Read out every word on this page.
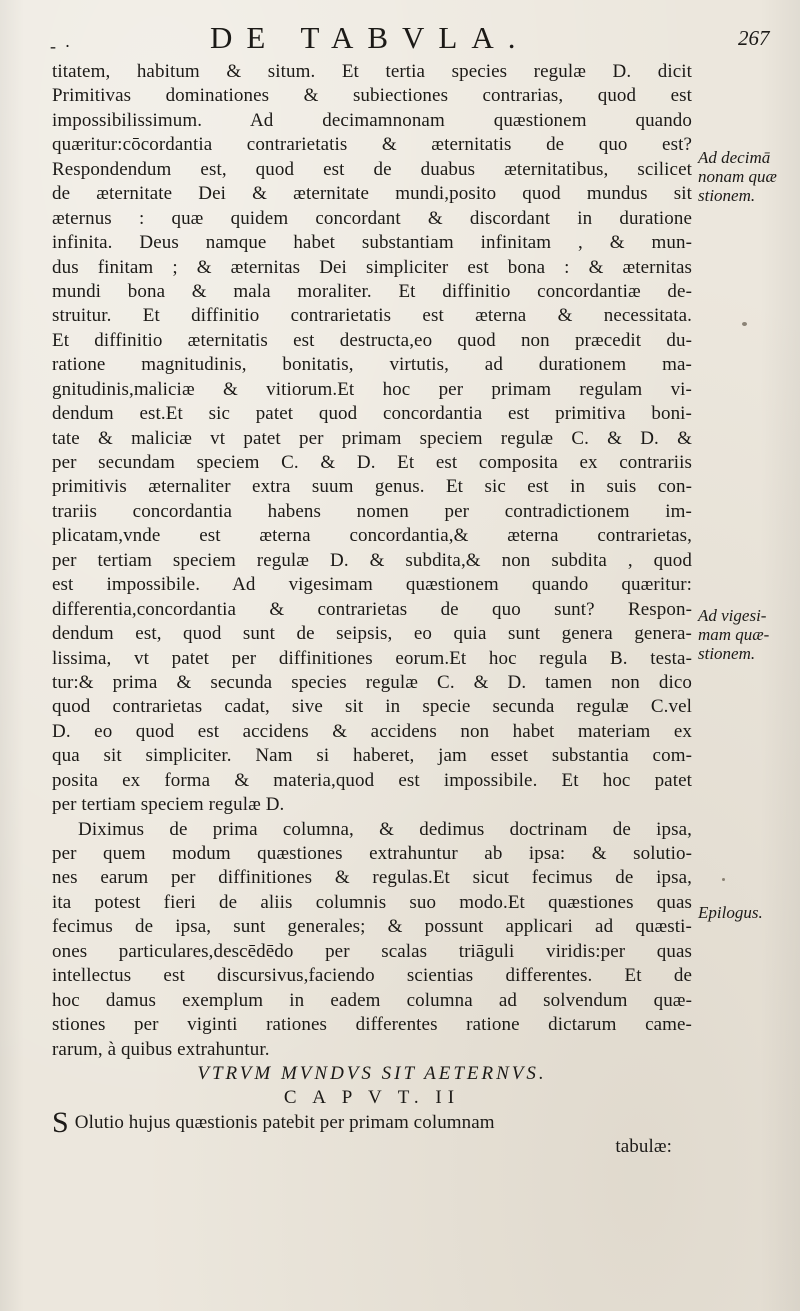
- ·	DE TABVLA.	267
titatem, habitum & situm. Et tertia species regulæ D. dicit
Primitivas dominationes & subiectiones contrarias, quod est
impossibilissimum. Ad decimamnonam quæstionem quando
quæritur:cōcordantia contrarietatis & æternitatis de quo est?
Respondendum est, quod est de duabus æternitatibus, scilicet
de æternitate Dei & æternitate mundi,posito quod mundus sit
æternus : quæ quidem concordant & discordant in duratione
infinita. Deus namque habet substantiam infinitam , & mun-
dus finitam ; & æternitas Dei simpliciter est bona : & æternitas
mundi bona & mala moraliter. Et diffinitio concordantiæ de-
struitur. Et diffinitio contrarietatis est æterna & necessitata.
Et diffinitio æternitatis est destructa,eo quod non præcedit du-
ratione magnitudinis, bonitatis, virtutis, ad durationem ma-
gnitudinis,maliciæ & vitiorum.Et hoc per primam regulam vi-
dendum est.Et sic patet quod concordantia est primitiva boni-
tate & maliciæ vt patet per primam speciem regulæ C. & D. &
per secundam speciem C. & D. Et est composita ex contrariis
primitivis æternaliter extra suum genus. Et sic est in suis con-
trariis concordantia habens nomen per contradictionem im-
plicatam,vnde est æterna concordantia,& æterna contrarietas,
per tertiam speciem regulæ D. & subdita,& non subdita , quod
est impossibile. Ad vigesimam quæstionem quando quæritur:
differentia,concordantia & contrarietas de quo sunt? Respon-
dendum est, quod sunt de seipsis, eo quia sunt genera genera-
lissima, vt patet per diffinitiones eorum.Et hoc regula B. testa-
tur:& prima & secunda species regulæ C. & D. tamen non dico
quod contrarietas cadat, sive sit in specie secunda regulæ C.vel
D. eo quod est accidens & accidens non habet materiam ex
qua sit simpliciter. Nam si haberet, jam esset substantia com-
posita ex forma & materia,quod est impossibile. Et hoc patet
per tertiam speciem regulæ D.
Diximus de prima columna, & dedimus doctrinam de ipsa,
per quem modum quæstiones extrahuntur ab ipsa: & solutio-
nes earum per diffinitiones & regulas.Et sicut fecimus de ipsa,
ita potest fieri de aliis columnis suo modo.Et quæstiones quas
fecimus de ipsa, sunt generales; & possunt applicari ad quæsti-
ones particulares,descēdēdo per scalas triāguli viridis:per quas
intellectus est discursivus,faciendo scientias differentes. Et de
hoc damus exemplum in eadem columna ad solvendum quæ-
stiones per viginti rationes differentes ratione dictarum came-
rarum, à quibus extrahuntur.
VTRVM MVNDVS SIT AETERNVS.
C A P V T. II
S Olutio hujus quæstionis patebit per primam columnam
tabulæ:
Ad decimā
nonam quæ
stionem.
Ad vigesi-
mam quæ-
stionem.
Epilogus.
